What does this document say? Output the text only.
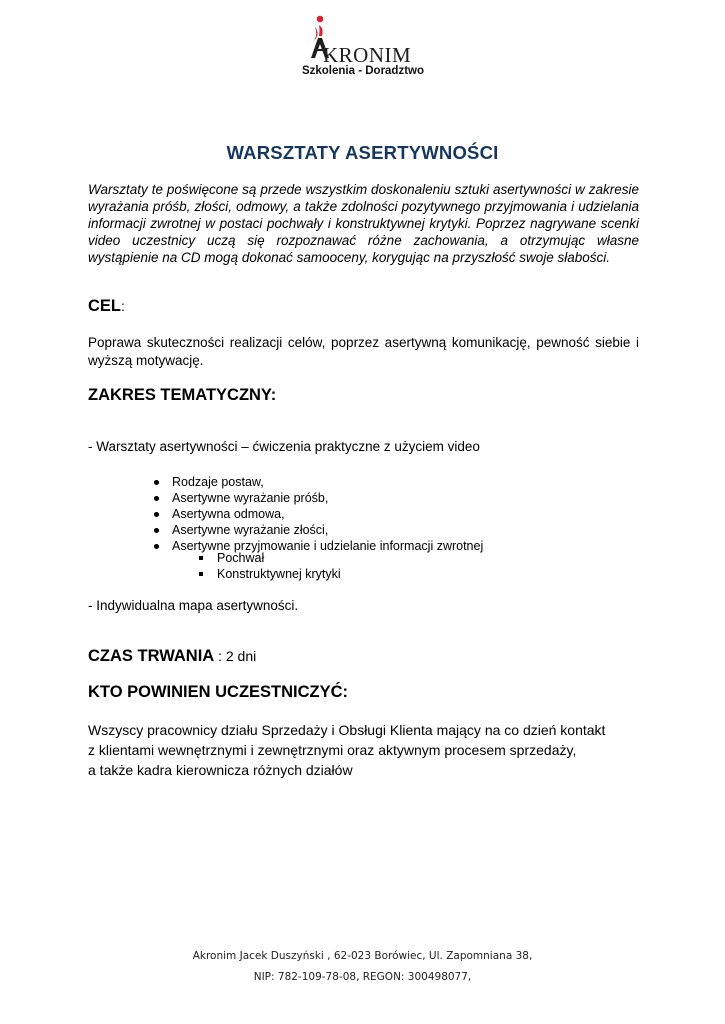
KRONIM
Szkolenia - Doradztwo
WARSZTATY ASERTYWNOŚCI
Warsztaty te poświęcone są przede wszystkim doskonaleniu sztuki asertywności w zakresie wyrażania próśb, złości, odmowy, a także zdolności pozytywnego przyjmowania i udzielania informacji zwrotnej w postaci pochwały i konstruktywnej krytyki. Poprzez nagrywane scenki video uczestnicy uczą się rozpoznawać różne zachowania, a otrzymując własne wystąpienie na CD mogą dokonać samooceny, korygując na przyszłość swoje słabości.
CEL:
Poprawa skuteczności realizacji celów, poprzez asertywną komunikację, pewność siebie i wyższą motywację.
ZAKRES TEMATYCZNY:
- Warsztaty asertywności – ćwiczenia praktyczne z użyciem video
Rodzaje postaw,
Asertywne wyrażanie próśb,
Asertywna odmowa,
Asertywne wyrażanie złości,
Asertywne przyjmowanie i udzielanie informacji zwrotnej
Pochwał
Konstruktywnej krytyki
- Indywidualna mapa asertywności.
CZAS TRWANIA : 2 dni
KTO POWINIEN UCZESTNICZYĆ:
Wszyscy pracownicy działu Sprzedaży i Obsługi Klienta mający na co dzień kontakt
z klientami wewnętrznymi i zewnętrznymi oraz aktywnym procesem sprzedaży,
a także kadra kierownicza różnych działów
Akronim Jacek Duszyński , 62-023 Borówiec, Ul. Zapomniana 38,
NIP: 782-109-78-08, REGON: 300498077,
